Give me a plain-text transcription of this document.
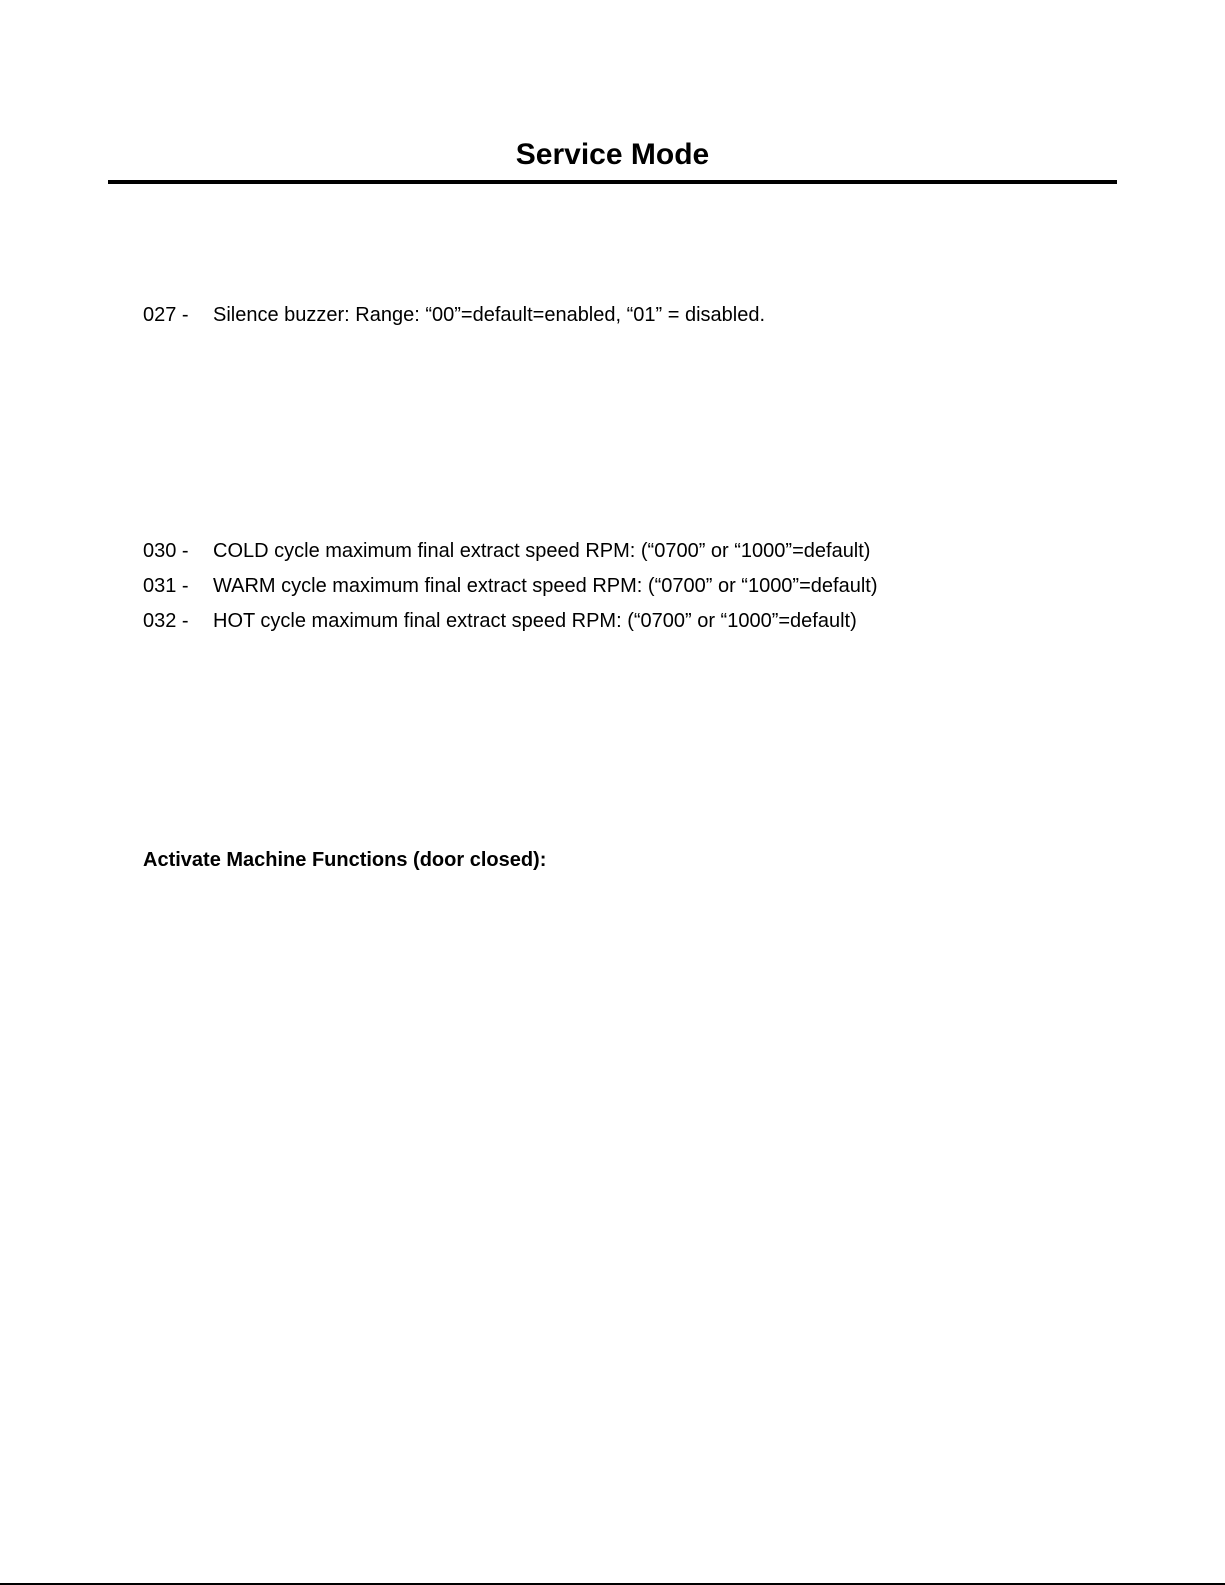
Service Mode
027 - Silence buzzer: Range: “00”=default=enabled, “01” = disabled.
030 - COLD cycle maximum final extract speed RPM: (“0700” or “1000”=default)
031 - WARM cycle maximum final extract speed RPM: (“0700” or “1000”=default)
032 - HOT cycle maximum final extract speed RPM: (“0700” or “1000”=default)
Activate Machine Functions (door closed):
